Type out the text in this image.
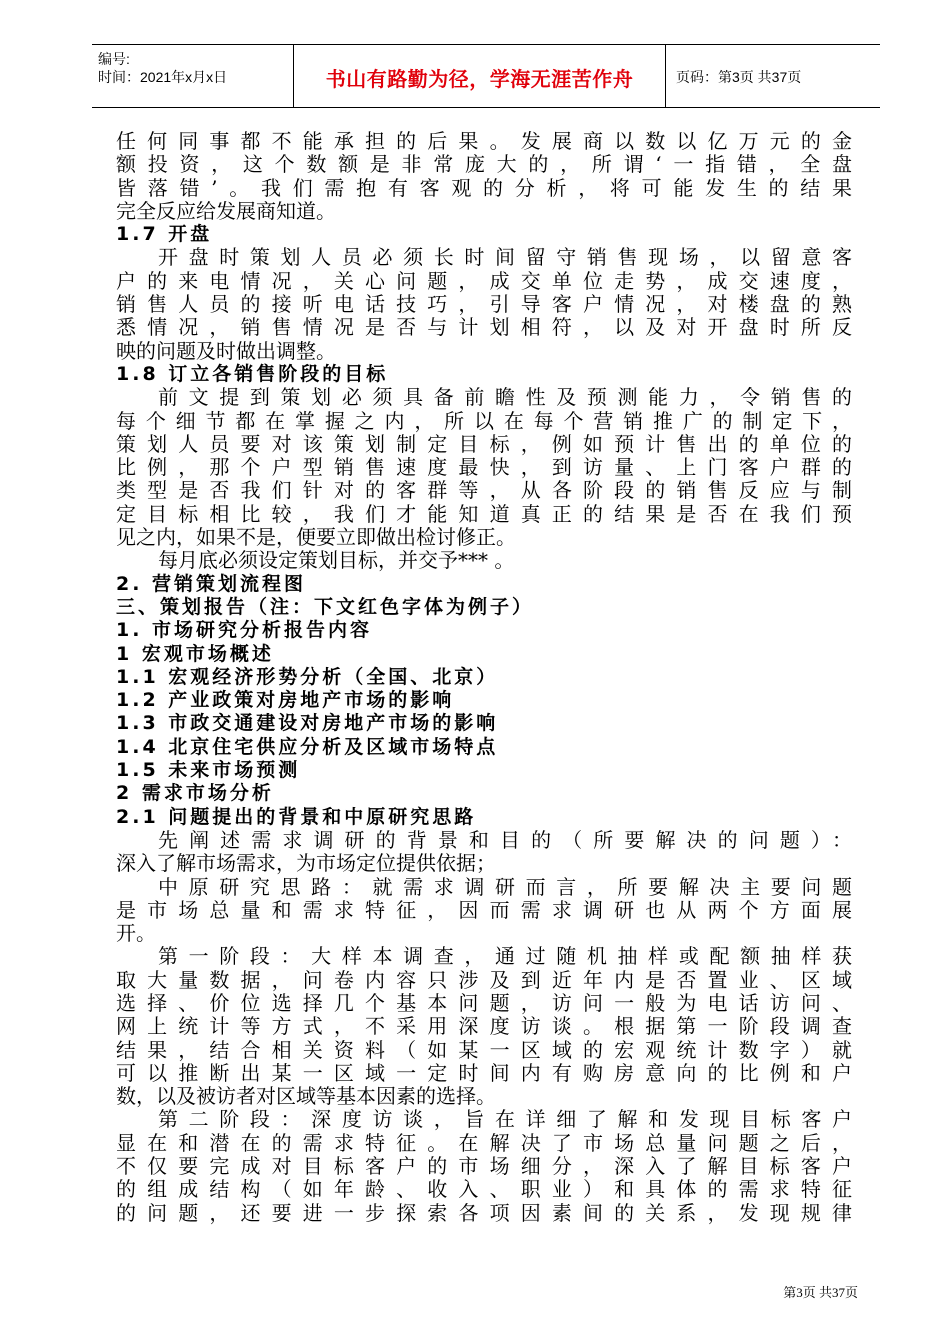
编号:
时间：2021年x月x日	书山有路勤为径，学海无涯苦作舟	页码：第3页 共37页
任何同事都不能承担的后果。发展商以数以亿万元的金
额投资，这个数额是非常庞大的，所谓‘一指错，全盘
皆落错’。我们需抱有客观的分析，将可能发生的结果
完全反应给发展商知道。
1.7 开盘
开盘时策划人员必须长时间留守销售现场，以留意客
户的来电情况，关心问题，成交单位走势，成交速度，
销售人员的接听电话技巧，引导客户情况，对楼盘的熟
悉情况，销售情况是否与计划相符，以及对开盘时所反
映的问题及时做出调整。
1.8 订立各销售阶段的目标
前文提到策划必须具备前瞻性及预测能力，令销售的
每个细节都在掌握之内，所以在每个营销推广的制定下，
策划人员要对该策划制定目标，例如预计售出的单位的
比例，那个户型销售速度最快，到访量、上门客户群的
类型是否我们针对的客群等，从各阶段的销售反应与制
定目标相比较，我们才能知道真正的结果是否在我们预
见之内，如果不是，便要立即做出检讨修正。
每月底必须设定策划目标，并交予*** 。
2. 营销策划流程图
三、策划报告（注：下文红色字体为例子）
1. 市场研究分析报告内容
1 宏观市场概述
1.1 宏观经济形势分析（全国、北京）
1.2 产业政策对房地产市场的影响
1.3 市政交通建设对房地产市场的影响
1.4 北京住宅供应分析及区域市场特点
1.5 未来市场预测
2 需求市场分析
2.1 问题提出的背景和中原研究思路
先阐述需求调研的背景和目的（所要解决的问题）：
深入了解市场需求，为市场定位提供依据；
中原研究思路：就需求调研而言，所要解决主要问题
是市场总量和需求特征，因而需求调研也从两个方面展
开。
第一阶段：大样本调查，通过随机抽样或配额抽样获
取大量数据，问卷内容只涉及到近年内是否置业、区域
选择、价位选择几个基本问题，访问一般为电话访问、
网上统计等方式，不采用深度访谈。根据第一阶段调查
结果，结合相关资料（如某一区域的宏观统计数字）就
可以推断出某一区域一定时间内有购房意向的比例和户
数，以及被访者对区域等基本因素的选择。
第二阶段：深度访谈，旨在详细了解和发现目标客户
显在和潜在的需求特征。在解决了市场总量问题之后，
不仅要完成对目标客户的市场细分，深入了解目标客户
的组成结构（如年龄、收入、职业）和具体的需求特征
的问题，还要进一步探索各项因素间的关系，发现规律
第3页 共37页
